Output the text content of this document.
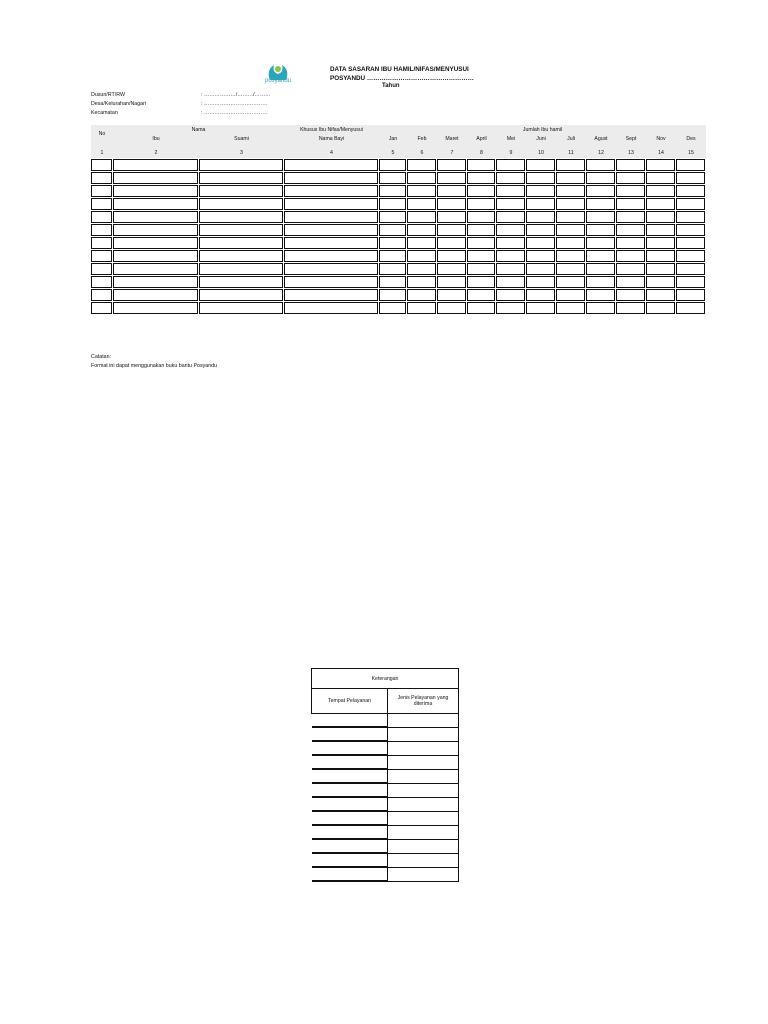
posyandu
DATA SASARAN IBU HAMIL/NIFAS/MENYUSUI
POSYANDU ……………………………………………
Tahun
Dusun/RT/RW	: ………………/………/………
Desa/Kelurahan/Nagari	: ………………………………
Kecamatan	: ………………………………
No	Nama		Khusus Ibu Nifas/Menyusui	Jumlah Ibu hamil										
	Ibu	Suami	Nama Bayi	Jan	Feb	Maret	April	Mei	Juni	Juli	Agust	Sept	Nov	Des
1	2	3	4	5	6	7	8	9	10	11	12	13	14	15

Catatan:
Format ini dapat menggunakan buku bantu Posyandu
Keterangan	
Tempat Pelayanan	Jenis Pelayanan yang diterima
